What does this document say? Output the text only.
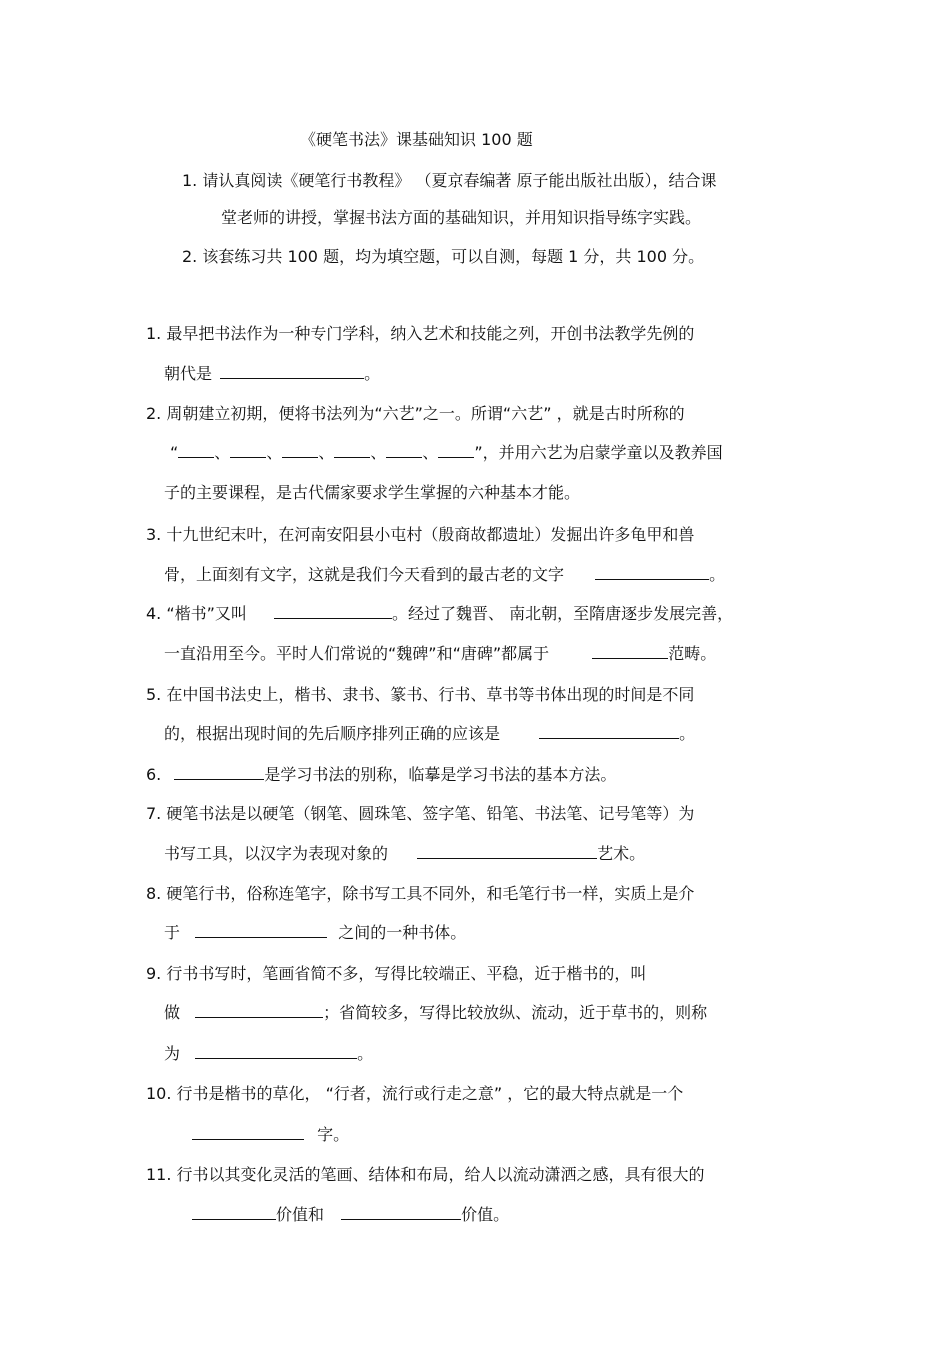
《硬笔书法》课基础知识 100 题
1. 请认真阅读《硬笔行书教程》 （夏京春编著 原子能出版社出版），结合课
堂老师的讲授，掌握书法方面的基础知识，并用知识指导练字实践。
2. 该套练习共 100 题，均为填空题，可以自测，每题 1 分，共 100 分。
1. 最早把书法作为一种专门学科，纳入艺术和技能之列，开创书法教学先例的
朝代是	。
2. 周朝建立初期，便将书法列为“六艺”之一。所谓“六艺” ，就是古时所称的
“ 、 、 、 、 、 ”，并用六艺为启蒙学童以及教养国
子的主要课程，是古代儒家要求学生掌握的六种基本才能。
3. 十九世纪末叶，在河南安阳县小屯村（殷商故都遗址）发掘出许多龟甲和兽
骨，上面刻有文字，这就是我们今天看到的最古老的文字	。
4. “楷书”又叫	。经过了魏晋、 南北朝，至隋唐逐步发展完善，
一直沿用至今。平时人们常说的“魏碑”和“唐碑”都属于	范畴。
5. 在中国书法史上，楷书、隶书、篆书、行书、草书等书体出现的时间是不同
的，根据出现时间的先后顺序排列正确的应该是	。
6.	是学习书法的别称，临摹是学习书法的基本方法。
7. 硬笔书法是以硬笔（钢笔、圆珠笔、签字笔、铅笔、书法笔、记号笔等）为
书写工具，以汉字为表现对象的	艺术。
8. 硬笔行书，俗称连笔字，除书写工具不同外，和毛笔行书一样，实质上是介
于	之间的一种书体。
9. 行书书写时，笔画省简不多，写得比较端正、平稳，近于楷书的，叫
做	；省简较多，写得比较放纵、流动，近于草书的，则称
为	。
10. 行书是楷书的草化， “行者，流行或行走之意” ，它的最大特点就是一个
字。
11. 行书以其变化灵活的笔画、结体和布局，给人以流动潇洒之感，具有很大的
价值和	价值。
